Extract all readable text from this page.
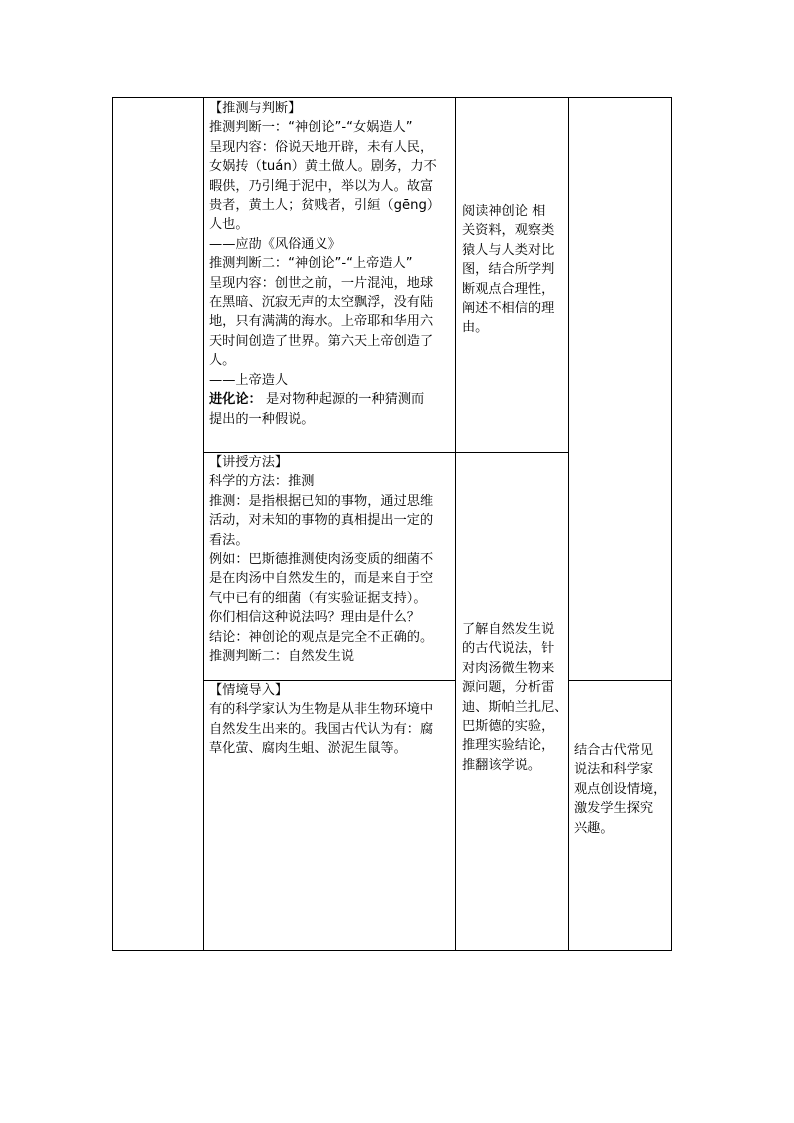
【推测与判断】

推测判断一：“神创论”-“女娲造人”

呈现内容：俗说天地开辟，未有人民，

女娲抟（tuán）黄土做人。剧务，力不

暇供，乃引绳于泥中，举以为人。故富

贵者，黄土人；贫贱者，引絙（gēng）

人也。

——应劭《风俗通义》

推测判断二：“神创论”-“上帝造人”

呈现内容：创世之前，一片混沌，地球

在黑暗、沉寂无声的太空飘浮，没有陆

地，只有满满的海水。上帝耶和华用六

天时间创造了世界。第六天上帝创造了

人。

——上帝造人

进化论： 是对物种起源的一种猜测而

提出的一种假说。

阅读神创论 相

关资料，观察类

猿人与人类对比

图，结合所学判

断观点合理性，

阐述不相信的理

由。

【讲授方法】

科学的方法：推测

推测：是指根据已知的事物，通过思维

活动，对未知的事物的真相提出一定的

看法。

例如：巴斯德推测使肉汤变质的细菌不

是在肉汤中自然发生的，而是来自于空

气中已有的细菌（有实验证据支持）。

你们相信这种说法吗？理由是什么？

结论：神创论的观点是完全不正确的。

推测判断二：自然发生说

了解自然发生说

的古代说法，针

对肉汤微生物来

源问题，分析雷

迪、斯帕兰扎尼、

巴斯德的实验，

推理实验结论，

推翻该学说。

【情境导入】

有的科学家认为生物是从非生物环境中

自然发生出来的。我国古代认为有：腐

草化萤、腐肉生蛆、淤泥生鼠等。	结合古代常见

说法和科学家

观点创设情境，

激发学生探究

兴趣。
